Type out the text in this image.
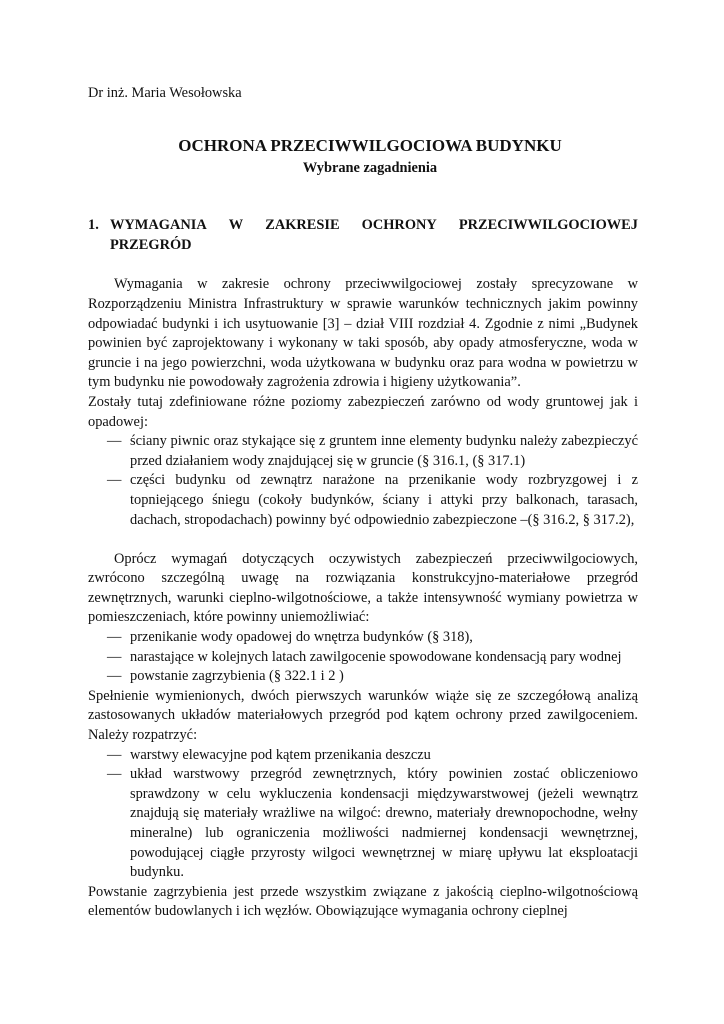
Dr inż. Maria Wesołowska
OCHRONA PRZECIWWILGOCIOWA BUDYNKU
Wybrane zagadnienia
1. WYMAGANIA W ZAKRESIE OCHRONY PRZECIWWILGOCIOWEJ
PRZEGRÓD

Wymagania w zakresie ochrony przeciwwilgociowej zostały sprecyzowane w Rozporządzeniu Ministra Infrastruktury w sprawie warunków technicznych jakim powinny odpowiadać budynki i ich usytuowanie [3] – dział VIII rozdział 4. Zgodnie z nimi „Budynek powinien być zaprojektowany i wykonany w taki sposób, aby opady atmosferyczne, woda w gruncie i na jego powierzchni, woda użytkowana w budynku oraz para wodna w powietrzu w tym budynku nie powodowały zagrożenia zdrowia i higieny użytkowania”.

Zostały tutaj zdefiniowane różne poziomy zabezpieczeń zarówno od wody gruntowej jak i opadowej:

— ściany piwnic oraz stykające się z gruntem inne elementy budynku należy zabezpieczyć przed działaniem wody znajdującej się w gruncie (§ 316.1, (§ 317.1)
— części budynku od zewnątrz narażone na przenikanie wody rozbryzgowej i z topniejącego śniegu (cokoły budynków, ściany i attyki przy balkonach, tarasach, dachach, stropodachach) powinny być odpowiednio zabezpieczone –(§ 316.2, § 317.2),

Oprócz wymagań dotyczących oczywistych zabezpieczeń przeciwwilgociowych, zwrócono szczególną uwagę na rozwiązania konstrukcyjno-materiałowe przegród zewnętrznych, warunki cieplno-wilgotnościowe, a także intensywność wymiany powietrza w pomieszczeniach, które powinny uniemożliwiać:

— przenikanie wody opadowej do wnętrza budynków (§ 318),
— narastające w kolejnych latach zawilgocenie spowodowane kondensacją pary wodnej
— powstanie zagrzybienia (§ 322.1 i 2 )

Spełnienie wymienionych, dwóch pierwszych warunków wiąże się ze szczegółową analizą zastosowanych układów materiałowych przegród pod kątem ochrony przed zawilgoceniem. Należy rozpatrzyć:

— warstwy elewacyjne pod kątem przenikania deszczu
— układ warstwowy przegród zewnętrznych, który powinien zostać obliczeniowo sprawdzony w celu wykluczenia kondensacji międzywarstwowej (jeżeli wewnątrz znajdują się materiały wrażliwe na wilgoć: drewno, materiały drewnopochodne, wełny mineralne) lub ograniczenia możliwości nadmiernej kondensacji wewnętrznej, powodującej ciągłe przyrosty wilgoci wewnętrznej w miarę upływu lat eksploatacji budynku.

Powstanie zagrzybienia jest przede wszystkim związane z jakością cieplno-wilgotnościową elementów budowlanych i ich węzłów. Obowiązujące wymagania ochrony cieplnej
